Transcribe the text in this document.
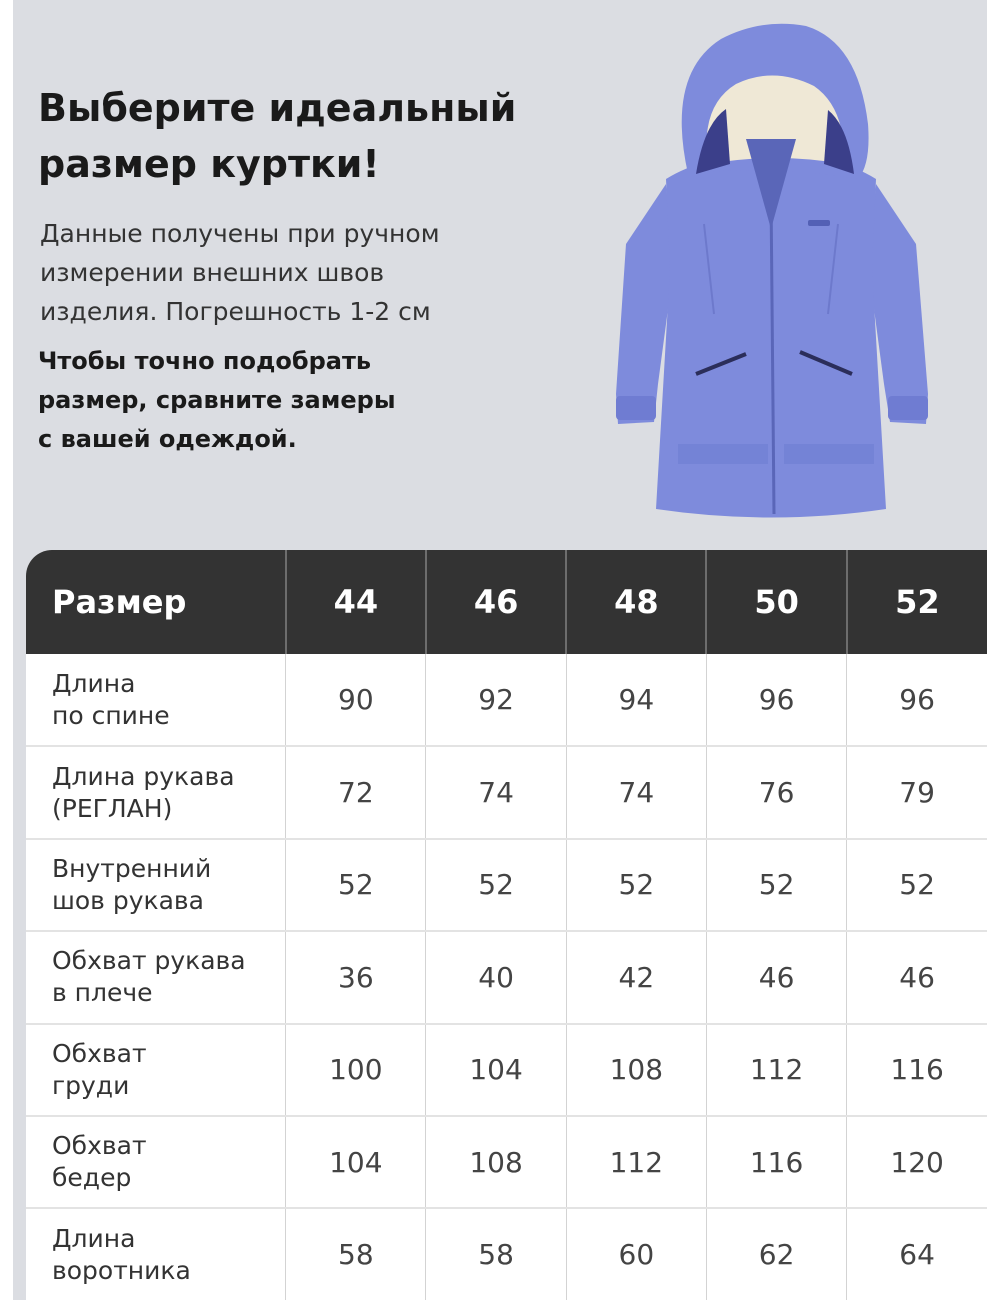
Выберите идеальный
размер куртки!

Данные получены при ручном
измерении внешних швов
изделия. Погрешность 1-2 см

Чтобы точно подобрать
размер, сравните замеры
с вашей одеждой.

Размер	44	46	48	50	52

Длина
по спине	90	92	94	96	96

Длина рукава
(РЕГЛАН)	72	74	74	76	79

Внутренний
шов рукава	52	52	52	52	52

Обхват рукава
в плече	36	40	42	46	46

Обхват
груди	100	104	108	112	116

Обхват
бедер	104	108	112	116	120

Длина
воротника	58	58	60	62	64
